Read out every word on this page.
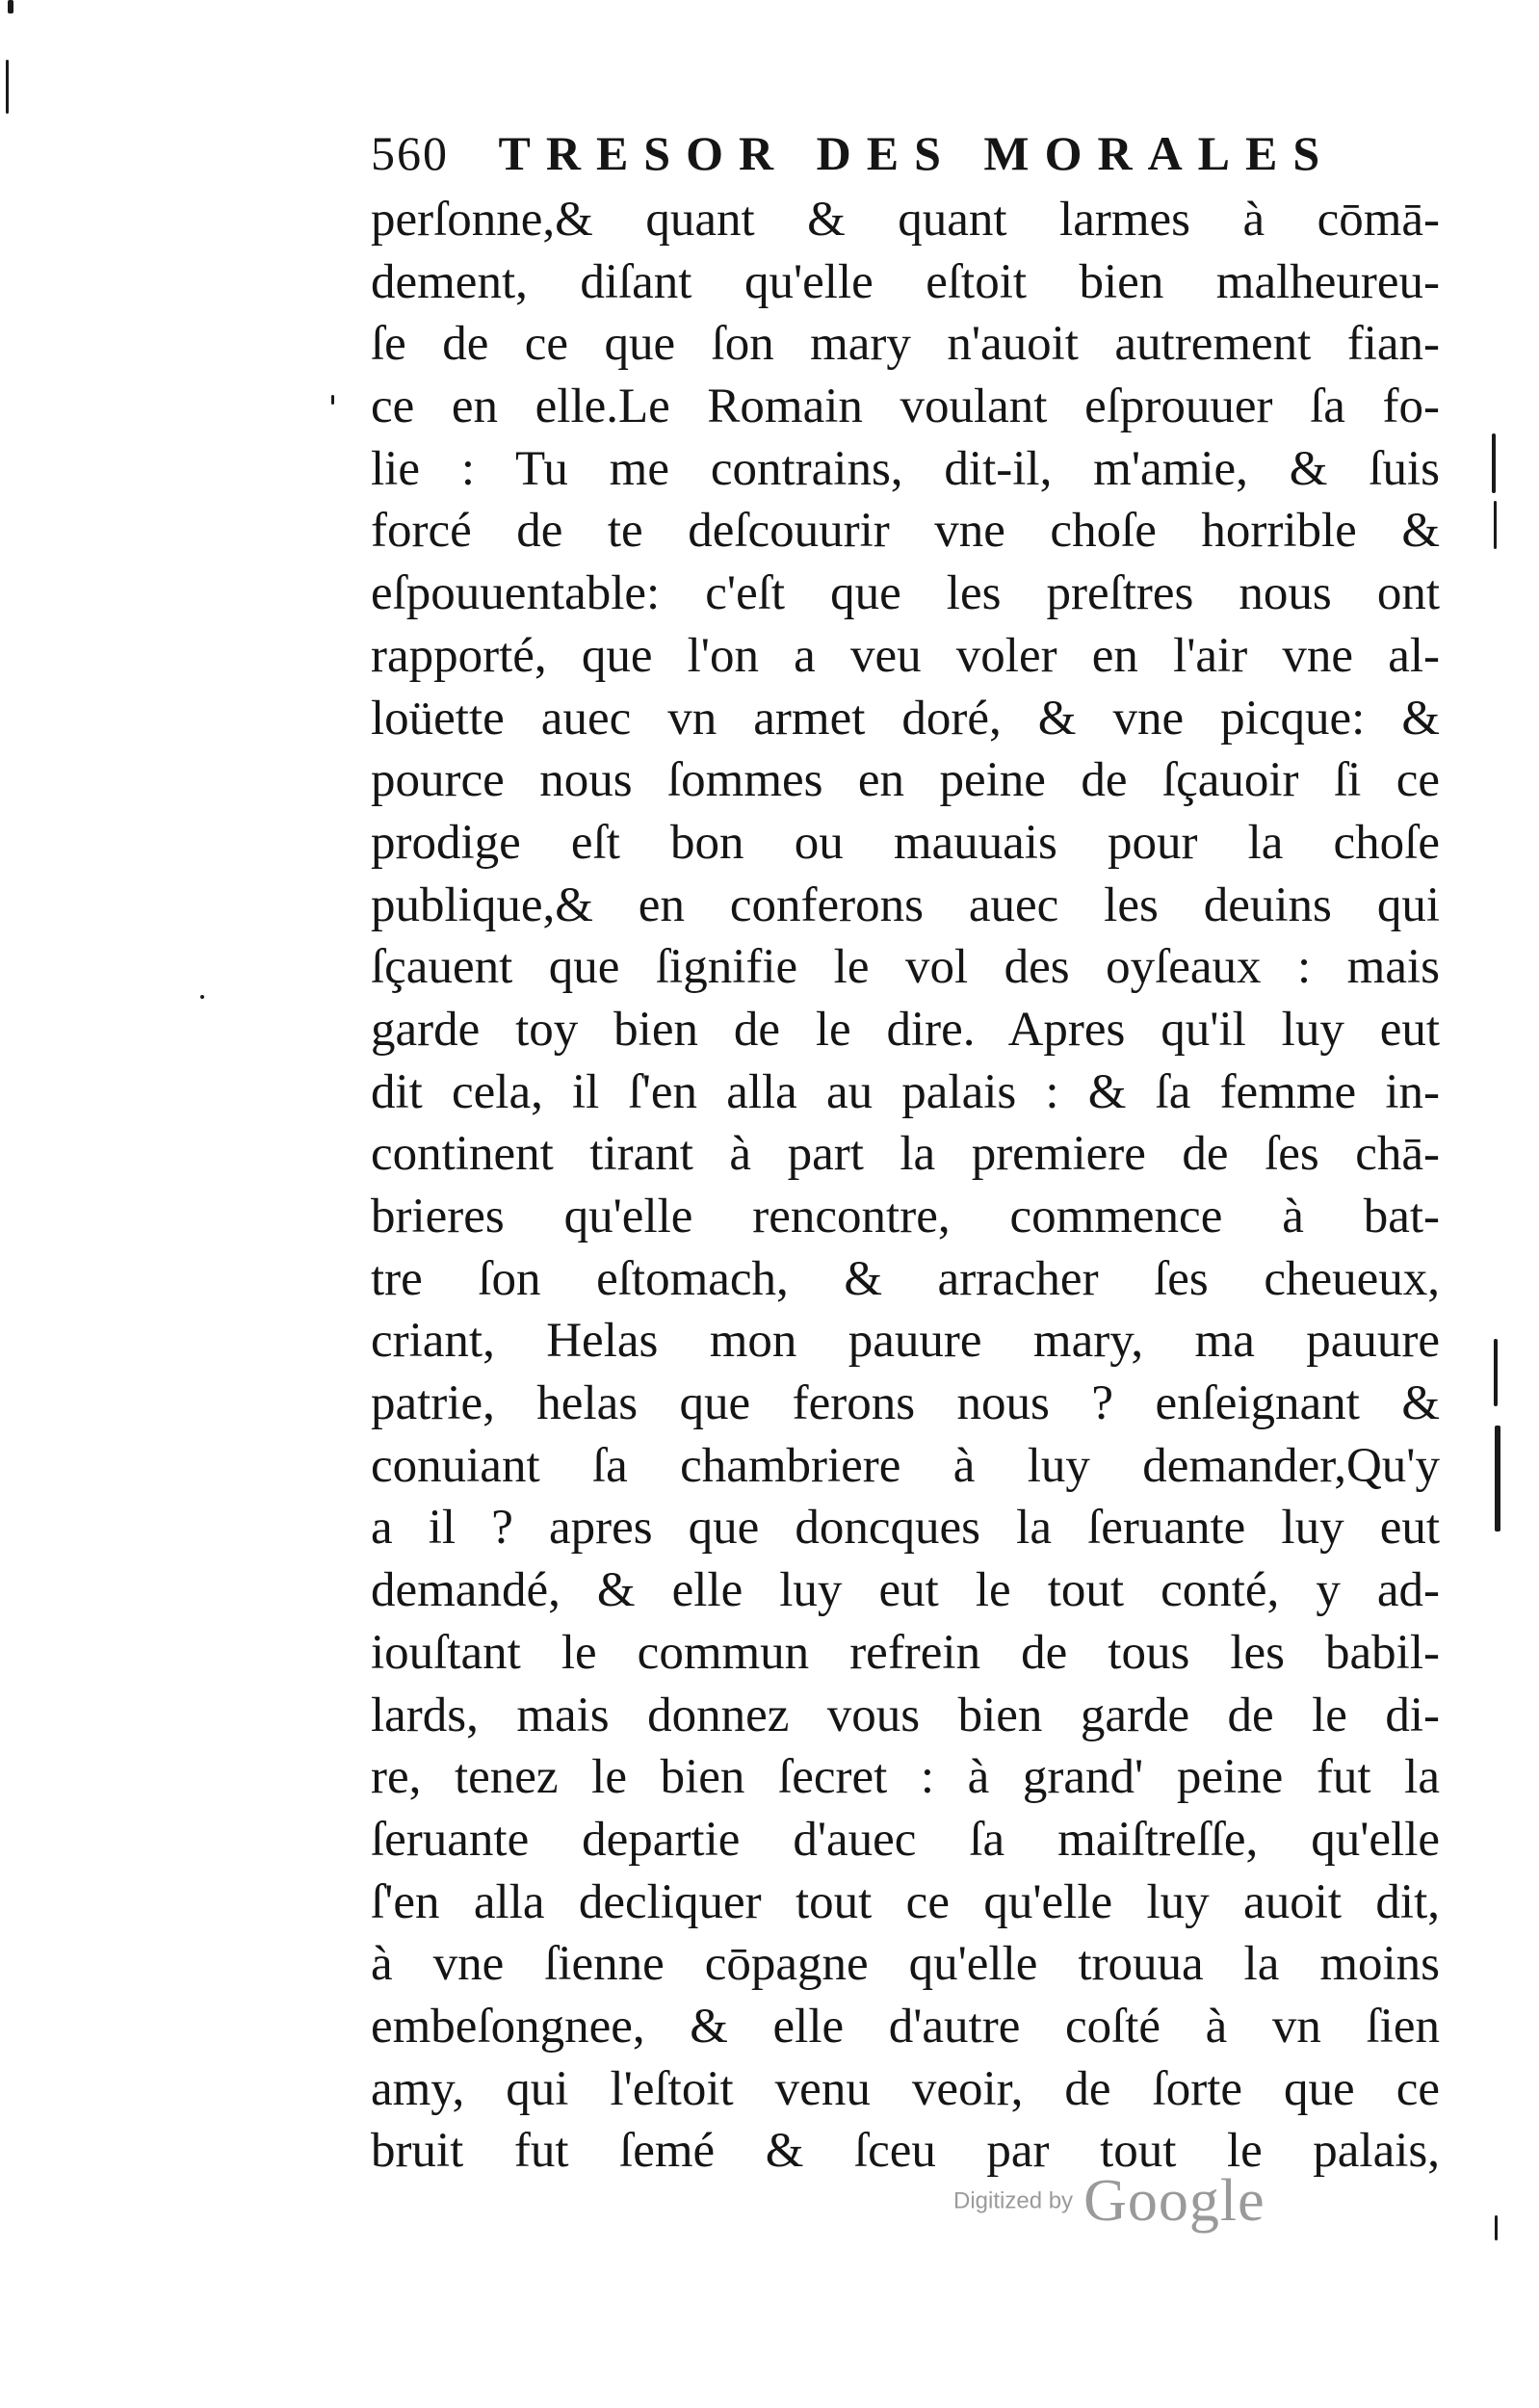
560 TRESOR DES MORALES
perſonne,& quant & quant larmes à cōmā-
dement, diſant qu'elle eſtoit bien malheureu-
ſe de ce que ſon mary n'auoit autrement fian-
ce en elle.Le Romain voulant eſprouuer ſa fo-
lie : Tu me contrains, dit-il, m'amie, & ſuis
forcé de te deſcouurir vne choſe horrible &
eſpouuentable: c'eſt que les preſtres nous ont
rapporté, que l'on a veu voler en l'air vne al-
loüette auec vn armet doré, & vne picque: &
pource nous ſommes en peine de ſçauoir ſi ce
prodige eſt bon ou mauuais pour la choſe
publique,& en conferons auec les deuins qui
ſçauent que ſignifie le vol des oyſeaux : mais
garde toy bien de le dire. Apres qu'il luy eut
dit cela, il ſ'en alla au palais : & ſa femme in-
continent tirant à part la premiere de ſes chā-
brieres qu'elle rencontre, commence à bat-
tre ſon eſtomach, & arracher ſes cheueux,
criant, Helas mon pauure mary, ma pauure
patrie, helas que ferons nous ? enſeignant &
conuiant ſa chambriere à luy demander,Qu'y
a il ? apres que doncques la ſeruante luy eut
demandé, & elle luy eut le tout conté, y ad-
iouſtant le commun refrein de tous les babil-
lards, mais donnez vous bien garde de le di-
re, tenez le bien ſecret : à grand' peine fut la
ſeruante departie d'auec ſa maiſtreſſe, qu'elle
ſ'en alla decliquer tout ce qu'elle luy auoit dit,
à vne ſienne cōpagne qu'elle trouua la moins
embeſongnee, & elle d'autre coſté à vn ſien
amy, qui l'eſtoit venu veoir, de ſorte que ce
bruit fut ſemé & ſceu par tout le palais,
Digitized by Google
